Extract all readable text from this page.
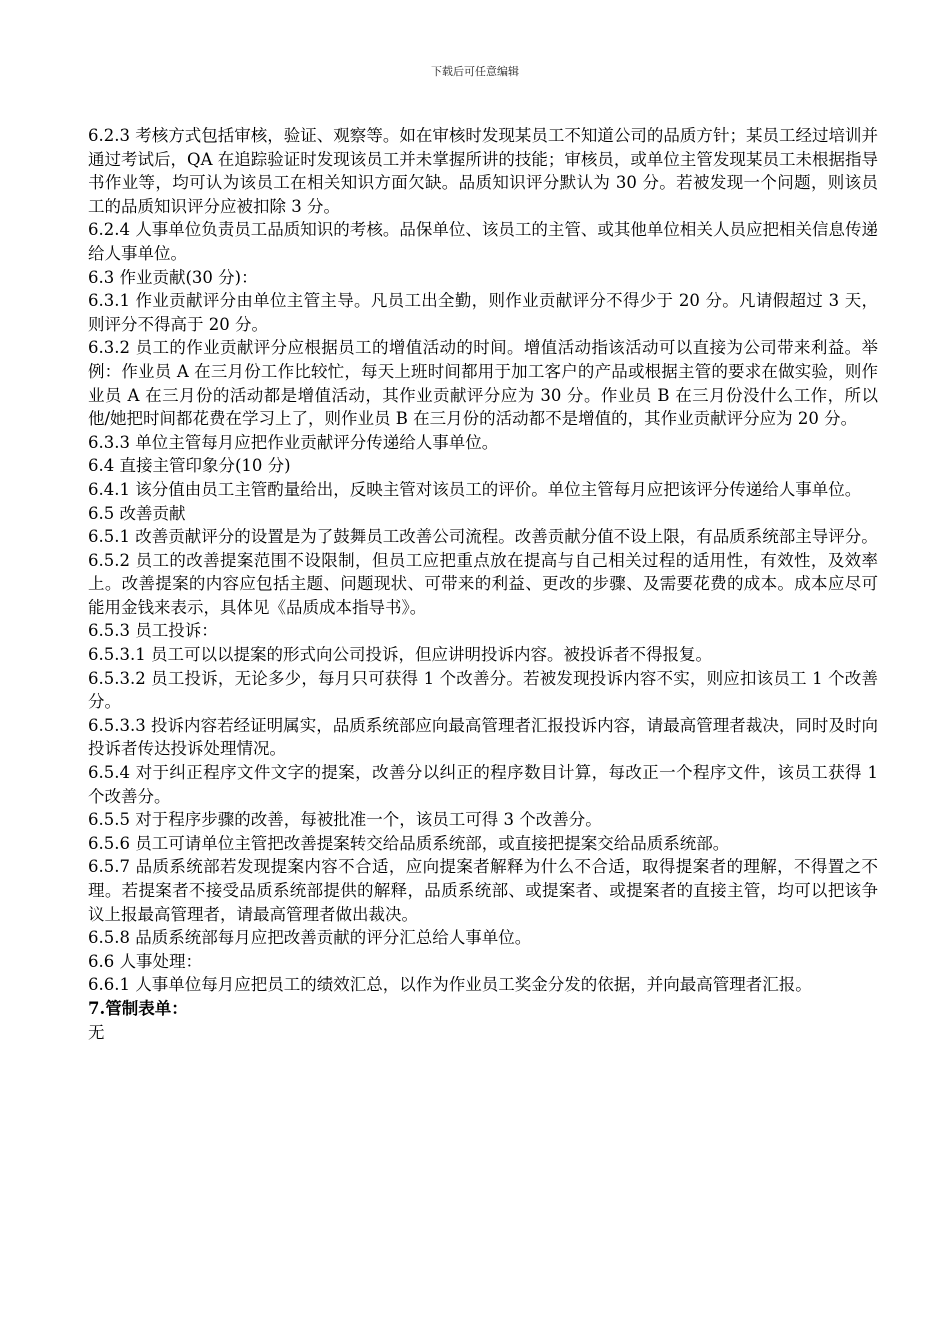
下载后可任意编辑

6.2.3 考核方式包括审核，验证、观察等。如在审核时发现某员工不知道公司的品质方针；某员工经过培训并通过考试后，QA 在追踪验证时发现该员工并未掌握所讲的技能；审核员，或单位主管发现某员工未根据指导书作业等，均可认为该员工在相关知识方面欠缺。品质知识评分默认为 30 分。若被发现一个问题，则该员工的品质知识评分应被扣除 3 分。

6.2.4 人事单位负责员工品质知识的考核。品保单位、该员工的主管、或其他单位相关人员应把相关信息传递给人事单位。

6.3 作业贡献(30 分)：

6.3.1 作业贡献评分由单位主管主导。凡员工出全勤，则作业贡献评分不得少于 20 分。凡请假超过 3 天，则评分不得高于 20 分。

6.3.2 员工的作业贡献评分应根据员工的增值活动的时间。增值活动指该活动可以直接为公司带来利益。举例：作业员 A 在三月份工作比较忙，每天上班时间都用于加工客户的产品或根据主管的要求在做实验，则作业员 A 在三月份的活动都是增值活动，其作业贡献评分应为 30 分。作业员 B 在三月份没什么工作，所以他/她把时间都花费在学习上了，则作业员 B 在三月份的活动都不是增值的，其作业贡献评分应为 20 分。

6.3.3 单位主管每月应把作业贡献评分传递给人事单位。

6.4 直接主管印象分(10 分)

6.4.1 该分值由员工主管酌量给出，反映主管对该员工的评价。单位主管每月应把该评分传递给人事单位。

6.5 改善贡献

6.5.1 改善贡献评分的设置是为了鼓舞员工改善公司流程。改善贡献分值不设上限，有品质系统部主导评分。

6.5.2 员工的改善提案范围不设限制，但员工应把重点放在提高与自己相关过程的适用性，有效性，及效率上。改善提案的内容应包括主题、问题现状、可带来的利益、更改的步骤、及需要花费的成本。成本应尽可能用金钱来表示，具体见《品质成本指导书》。

6.5.3 员工投诉：

6.5.3.1 员工可以以提案的形式向公司投诉，但应讲明投诉内容。被投诉者不得报复。

6.5.3.2 员工投诉，无论多少，每月只可获得 1 个改善分。若被发现投诉内容不实，则应扣该员工 1 个改善分。

6.5.3.3 投诉内容若经证明属实，品质系统部应向最高管理者汇报投诉内容，请最高管理者裁决，同时及时向投诉者传达投诉处理情况。

6.5.4 对于纠正程序文件文字的提案，改善分以纠正的程序数目计算，每改正一个程序文件，该员工获得 1 个改善分。

6.5.5 对于程序步骤的改善，每被批准一个，该员工可得 3 个改善分。

6.5.6 员工可请单位主管把改善提案转交给品质系统部，或直接把提案交给品质系统部。

6.5.7 品质系统部若发现提案内容不合适，应向提案者解释为什么不合适，取得提案者的理解，不得置之不理。若提案者不接受品质系统部提供的解释，品质系统部、或提案者、或提案者的直接主管，均可以把该争议上报最高管理者，请最高管理者做出裁决。

6.5.8 品质系统部每月应把改善贡献的评分汇总给人事单位。

6.6 人事处理：

6.6.1 人事单位每月应把员工的绩效汇总，以作为作业员工奖金分发的依据，并向最高管理者汇报。

7.管制表单：

无
